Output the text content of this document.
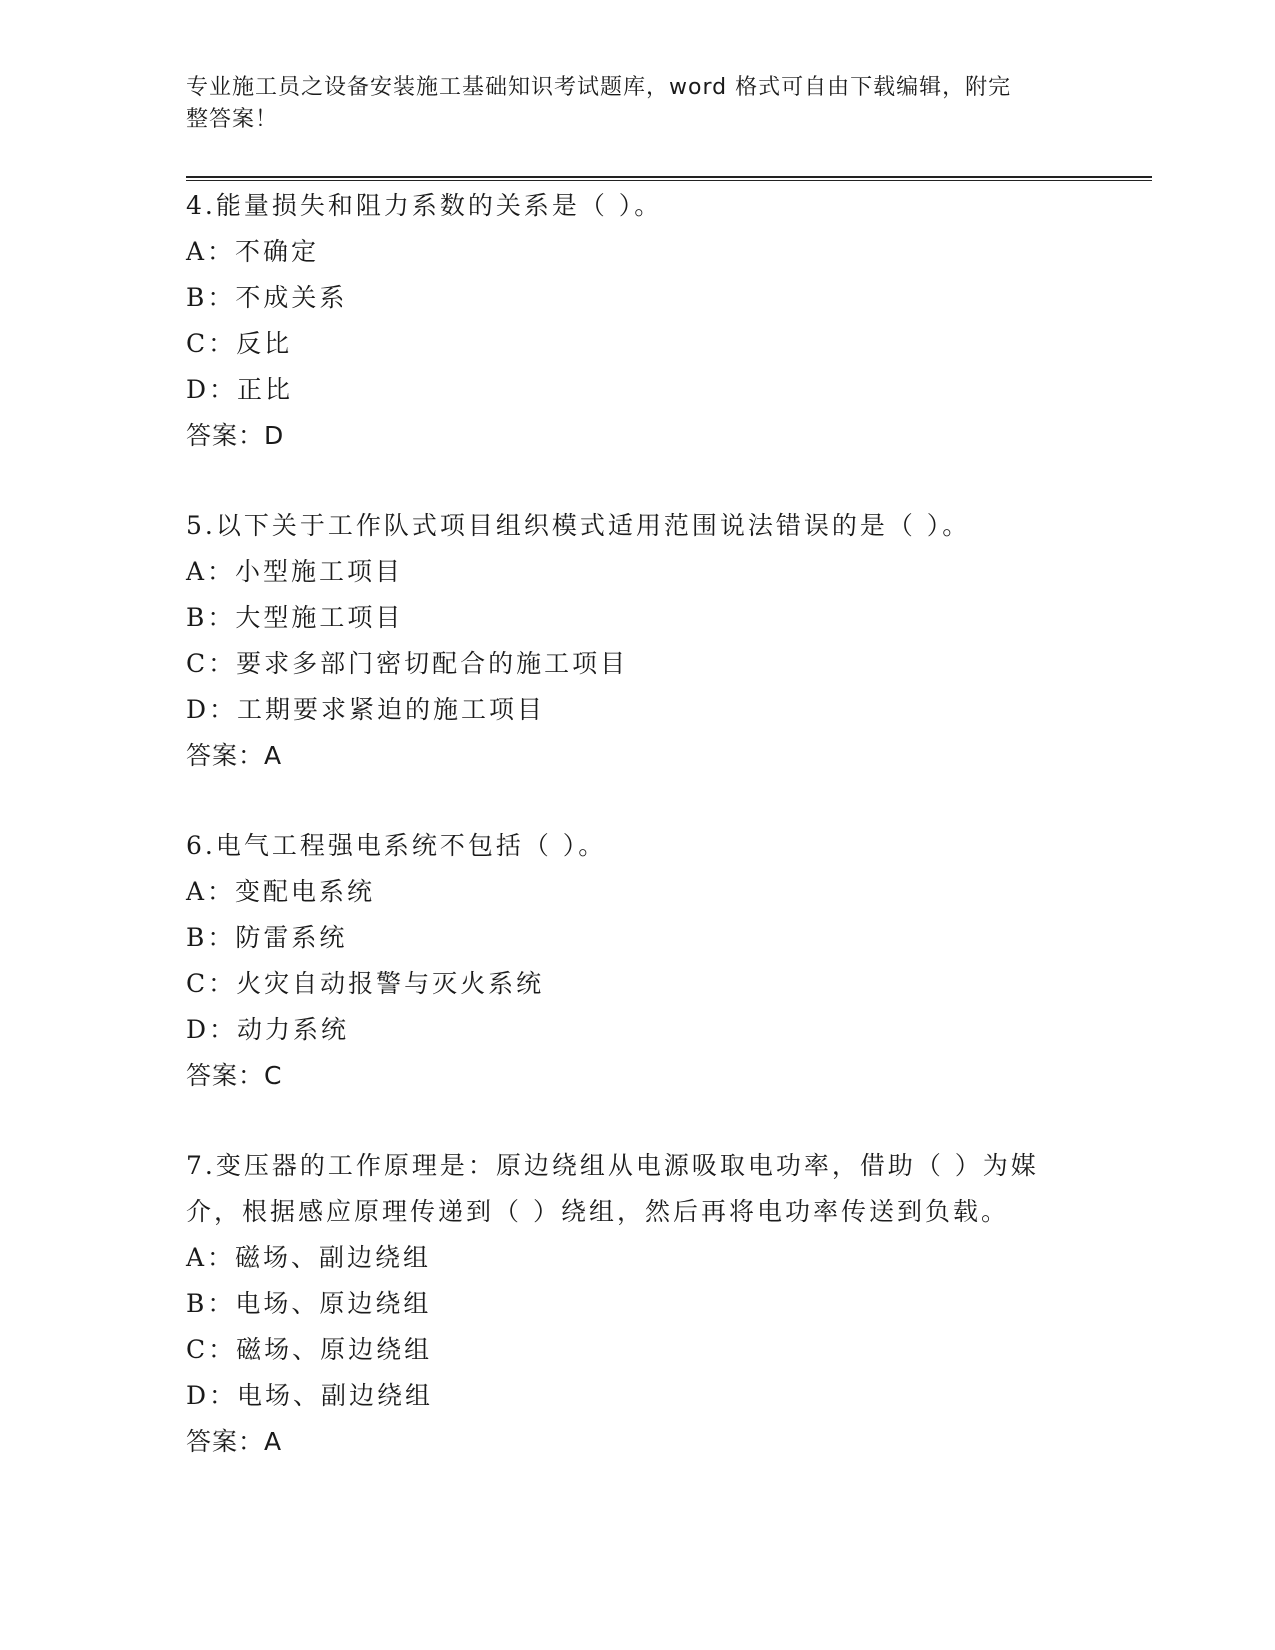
专业施工员之设备安装施工基础知识考试题库，word 格式可自由下载编辑，附完
整答案！
4.能量损失和阻力系数的关系是（ ）。
A：不确定
B：不成关系
C：反比
D：正比
答案：D
5.以下关于工作队式项目组织模式适用范围说法错误的是（ ）。
A：小型施工项目
B：大型施工项目
C：要求多部门密切配合的施工项目
D：工期要求紧迫的施工项目
答案：A
6.电气工程强电系统不包括（ ）。
A：变配电系统
B：防雷系统
C：火灾自动报警与灭火系统
D：动力系统
答案：C
7.变压器的工作原理是：原边绕组从电源吸取电功率，借助（ ）为媒
介，根据感应原理传递到（ ）绕组，然后再将电功率传送到负载。
A：磁场、副边绕组
B：电场、原边绕组
C：磁场、原边绕组
D：电场、副边绕组
答案：A
